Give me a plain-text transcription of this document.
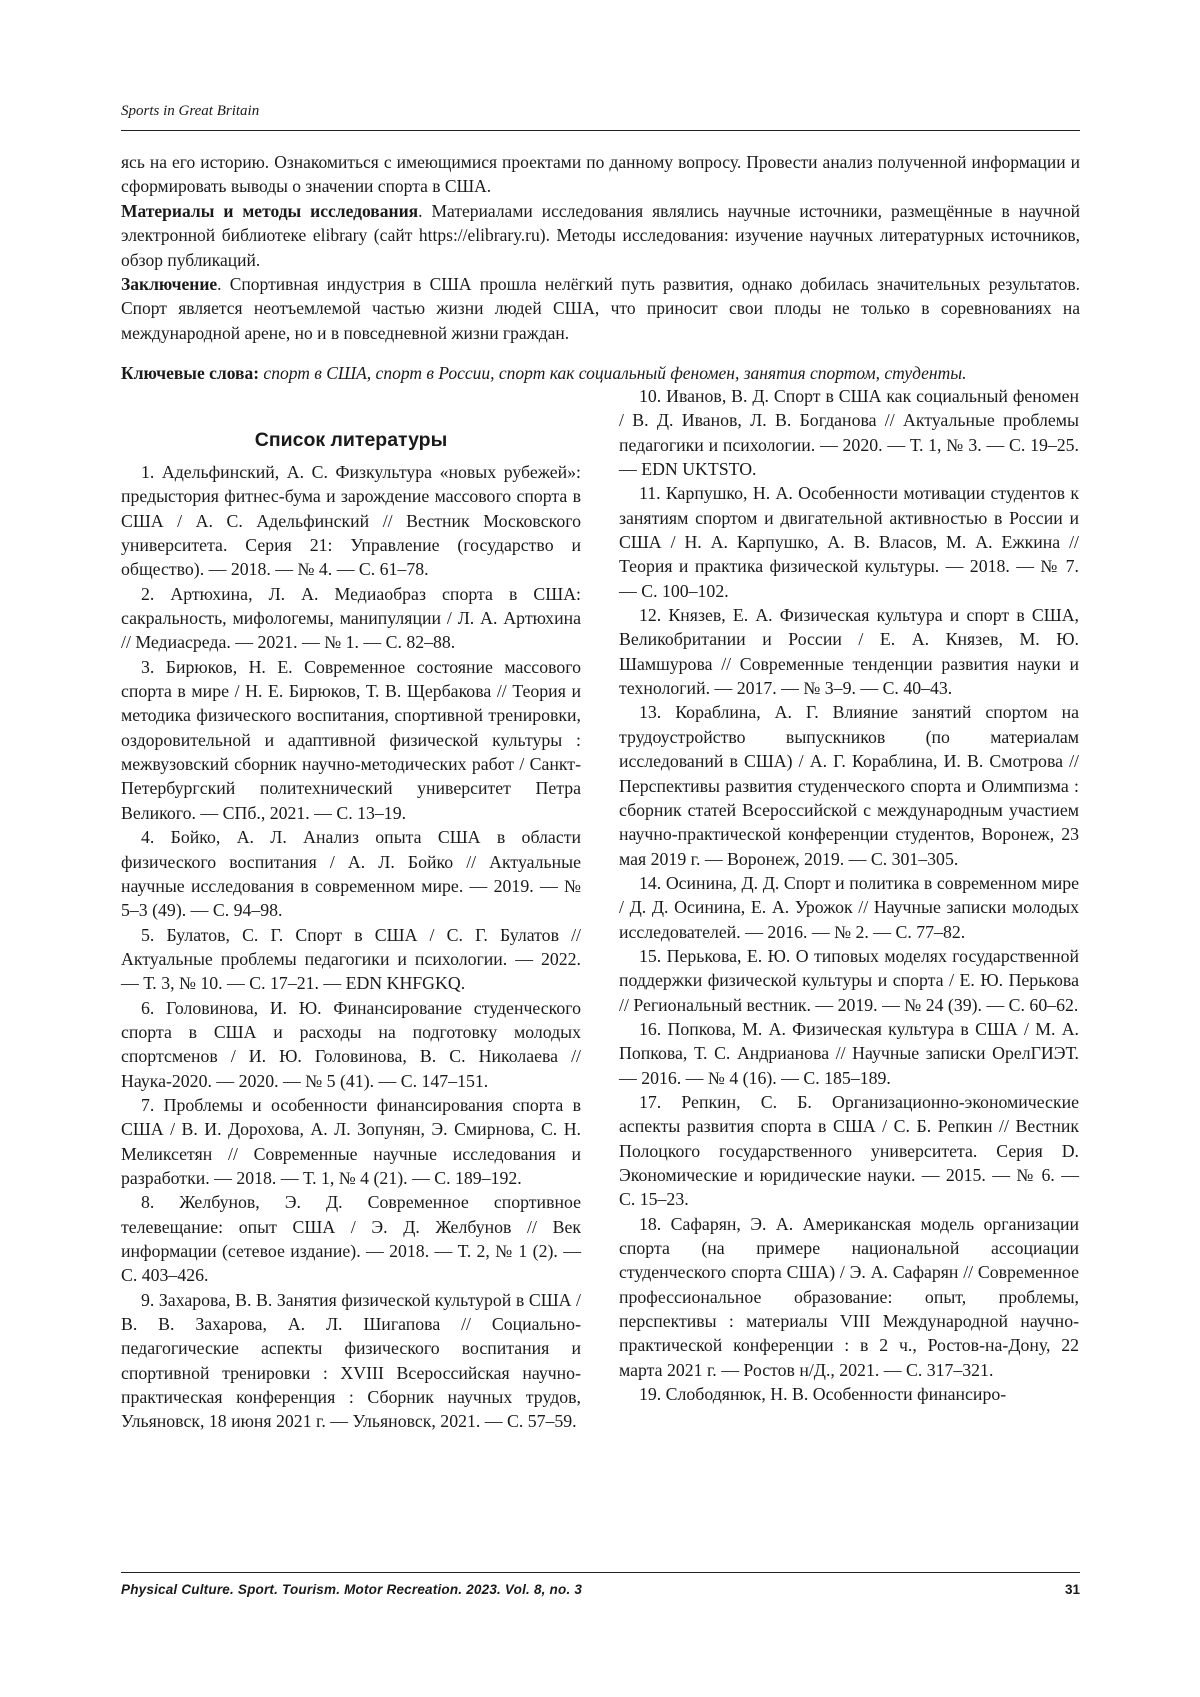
Sports in Great Britain

ясь на его историю. Ознакомиться с имеющимися проектами по данному вопросу. Провести анализ полученной информации и сформировать выводы о значении спорта в США.

Материалы и методы исследования. Материалами исследования являлись научные источники, размещённые в научной электронной библиотеке elibrary (сайт https://elibrary.ru). Методы исследования: изучение научных литературных источников, обзор публикаций.

Заключение. Спортивная индустрия в США прошла нелёгкий путь развития, однако добилась значительных результатов. Спорт является неотъемлемой частью жизни людей США, что приносит свои плоды не только в соревнованиях на международной арене, но и в повседневной жизни граждан.

Ключевые слова: спорт в США, спорт в России, спорт как социальный феномен, занятия спортом, студенты.
Список литературы

1. Адельфинский, А. С. Физкультура «новых рубежей»: предыстория фитнес-бума и зарождение массового спорта в США / А. С. Адельфинский // Вестник Московского университета. Серия 21: Управление (государство и общество). — 2018. — № 4. — С. 61–78.

2. Артюхина, Л. А. Медиаобраз спорта в США: сакральность, мифологемы, манипуляции / Л. А. Артюхина // Медиасреда. — 2021. — № 1. — С. 82–88.

3. Бирюков, Н. Е. Современное состояние массового спорта в мире / Н. Е. Бирюков, Т. В. Щербакова // Теория и методика физического воспитания, спортивной тренировки, оздоровительной и адаптивной физической культуры : межвузовский сборник научно-методических работ / Санкт-Петербургский политехнический университет Петра Великого. — СПб., 2021. — С. 13–19.

4. Бойко, А. Л. Анализ опыта США в области физического воспитания / А. Л. Бойко // Актуальные научные исследования в современном мире. — 2019. — № 5–3 (49). — С. 94–98.

5. Булатов, С. Г. Спорт в США / С. Г. Булатов // Актуальные проблемы педагогики и психологии. — 2022. — Т. 3, № 10. — С. 17–21. — EDN KHFGKQ.

6. Головинова, И. Ю. Финансирование студенческого спорта в США и расходы на подготовку молодых спортсменов / И. Ю. Головинова, В. С. Николаева // Наука-2020. — 2020. — № 5 (41). — С. 147–151.

7. Проблемы и особенности финансирования спорта в США / В. И. Дорохова, А. Л. Зопунян, Э. Смирнова, С. Н. Меликсетян // Современные научные исследования и разработки. — 2018. — Т. 1, № 4 (21). — С. 189–192.

8. Желбунов, Э. Д. Современное спортивное телевещание: опыт США / Э. Д. Желбунов // Век информации (сетевое издание). — 2018. — Т. 2, № 1 (2). — С. 403–426.

9. Захарова, В. В. Занятия физической культурой в США / В. В. Захарова, А. Л. Шигапова // Социально-педагогические аспекты физического воспитания и спортивной тренировки : XVIII Всероссийская научно-практическая конференция : Сборник научных трудов, Ульяновск, 18 июня 2021 г. — Ульяновск, 2021. — С. 57–59.

10. Иванов, В. Д. Спорт в США как социальный феномен / В. Д. Иванов, Л. В. Богданова // Актуальные проблемы педагогики и психологии. — 2020. — Т. 1, № 3. — С. 19–25. — EDN UKTSTO.

11. Карпушко, Н. А. Особенности мотивации студентов к занятиям спортом и двигательной активностью в России и США / Н. А. Карпушко, А. В. Власов, М. А. Ежкина // Теория и практика физической культуры. — 2018. — № 7. — С. 100–102.

12. Князев, Е. А. Физическая культура и спорт в США, Великобритании и России / Е. А. Князев, М. Ю. Шамшурова // Современные тенденции развития науки и технологий. — 2017. — № 3–9. — С. 40–43.

13. Кораблина, А. Г. Влияние занятий спортом на трудоустройство выпускников (по материалам исследований в США) / А. Г. Кораблина, И. В. Смотрова // Перспективы развития студенческого спорта и Олимпизма : сборник статей Всероссийской с международным участием научно-практической конференции студентов, Воронеж, 23 мая 2019 г. — Воронеж, 2019. — С. 301–305.

14. Осинина, Д. Д. Спорт и политика в современном мире / Д. Д. Осинина, Е. А. Урожок // Научные записки молодых исследователей. — 2016. — № 2. — С. 77–82.

15. Перькова, Е. Ю. О типовых моделях государственной поддержки физической культуры и спорта / Е. Ю. Перькова // Региональный вестник. — 2019. — № 24 (39). — С. 60–62.

16. Попкова, М. А. Физическая культура в США / М. А. Попкова, Т. С. Андрианова // Научные записки ОрелГИЭТ. — 2016. — № 4 (16). — С. 185–189.

17. Репкин, С. Б. Организационно-экономические аспекты развития спорта в США / С. Б. Репкин // Вестник Полоцкого государственного университета. Серия D. Экономические и юридические науки. — 2015. — № 6. — С. 15–23.

18. Сафарян, Э. А. Американская модель организации спорта (на примере национальной ассоциации студенческого спорта США) / Э. А. Сафарян // Современное профессиональное образование: опыт, проблемы, перспективы : материалы VIII Международной научно-практической конференции : в 2 ч., Ростов-на-Дону, 22 марта 2021 г. — Ростов н/Д., 2021. — С. 317–321.

19. Слободянюк, Н. В. Особенности финансиро-

Physical Culture. Sport. Tourism. Motor Recreation. 2023. Vol. 8, no. 3	31
